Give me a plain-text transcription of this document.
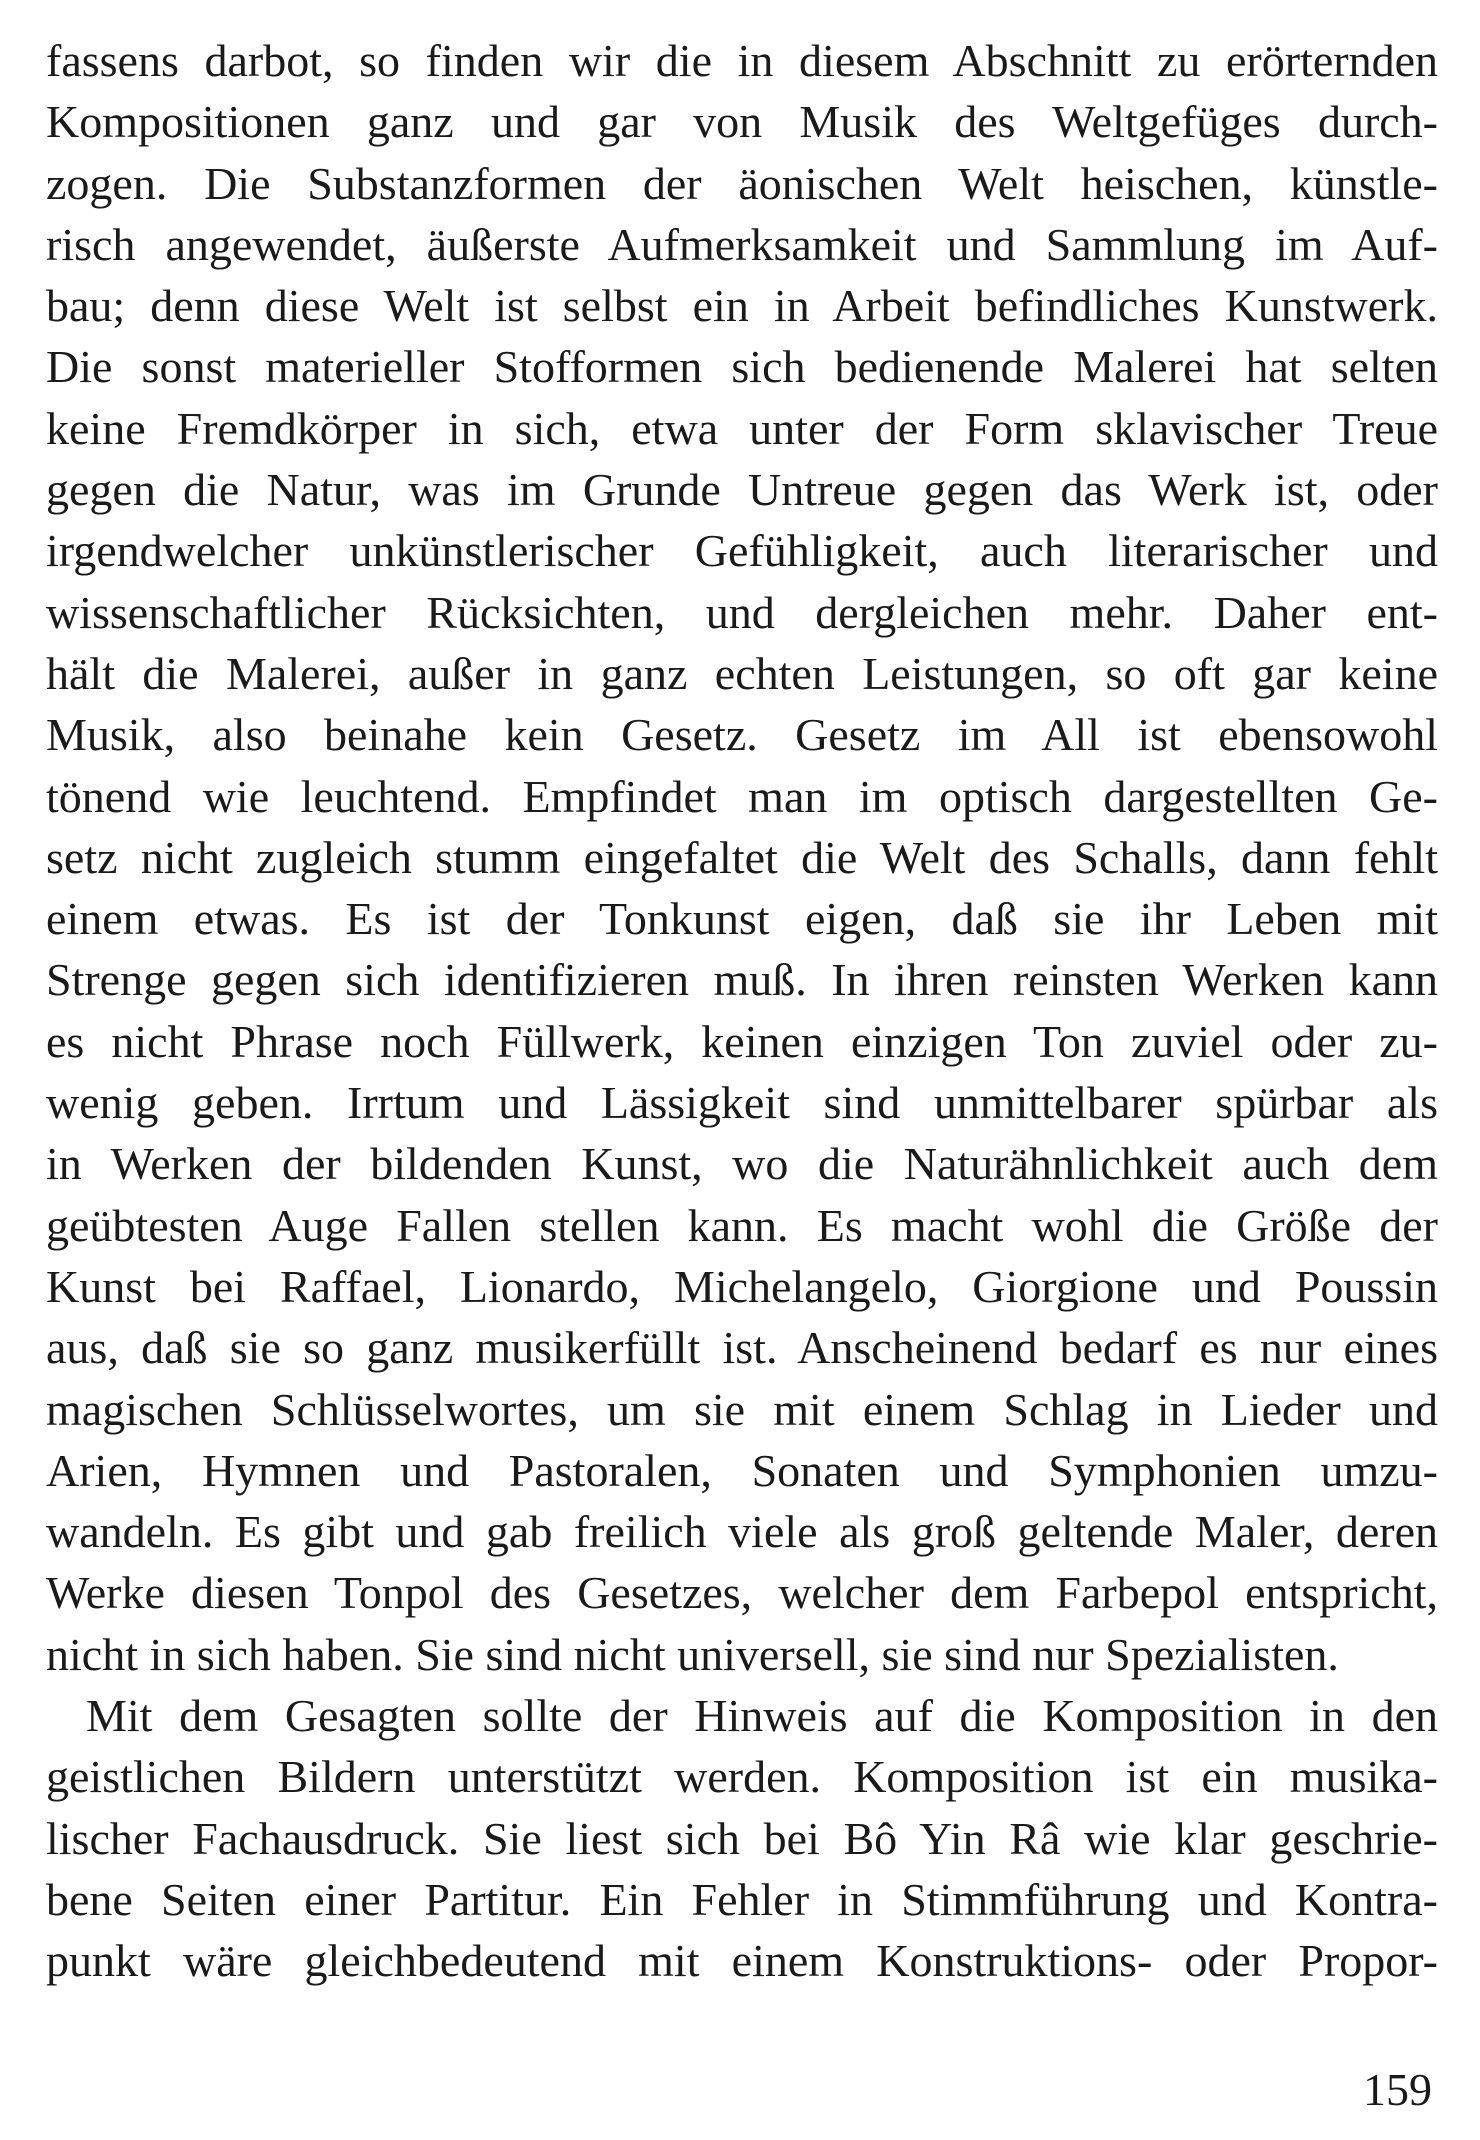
fassens darbot, so finden wir die in diesem Abschnitt zu erörternden
Kompositionen ganz und gar von Musik des Weltgefüges durch-
zogen. Die Substanzformen der äonischen Welt heischen, künstle-
risch angewendet, äußerste Aufmerksamkeit und Sammlung im Auf-
bau; denn diese Welt ist selbst ein in Arbeit befindliches Kunstwerk.
Die sonst materieller Stofformen sich bedienende Malerei hat selten
keine Fremdkörper in sich, etwa unter der Form sklavischer Treue
gegen die Natur, was im Grunde Untreue gegen das Werk ist, oder
irgendwelcher unkünstlerischer Gefühligkeit, auch literarischer und
wissenschaftlicher Rücksichten, und dergleichen mehr. Daher ent-
hält die Malerei, außer in ganz echten Leistungen, so oft gar keine
Musik, also beinahe kein Gesetz. Gesetz im All ist ebensowohl
tönend wie leuchtend. Empfindet man im optisch dargestellten Ge-
setz nicht zugleich stumm eingefaltet die Welt des Schalls, dann fehlt
einem etwas. Es ist der Tonkunst eigen, daß sie ihr Leben mit
Strenge gegen sich identifizieren muß. In ihren reinsten Werken kann
es nicht Phrase noch Füllwerk, keinen einzigen Ton zuviel oder zu-
wenig geben. Irrtum und Lässigkeit sind unmittelbarer spürbar als
in Werken der bildenden Kunst, wo die Naturähnlichkeit auch dem
geübtesten Auge Fallen stellen kann. Es macht wohl die Größe der
Kunst bei Raffael, Lionardo, Michelangelo, Giorgione und Poussin
aus, daß sie so ganz musikerfüllt ist. Anscheinend bedarf es nur eines
magischen Schlüsselwortes, um sie mit einem Schlag in Lieder und
Arien, Hymnen und Pastoralen, Sonaten und Symphonien umzu-
wandeln. Es gibt und gab freilich viele als groß geltende Maler, deren
Werke diesen Tonpol des Gesetzes, welcher dem Farbepol entspricht,
nicht in sich haben. Sie sind nicht universell, sie sind nur Spezialisten.
Mit dem Gesagten sollte der Hinweis auf die Komposition in den
geistlichen Bildern unterstützt werden. Komposition ist ein musika-
lischer Fachausdruck. Sie liest sich bei Bô Yin Râ wie klar geschrie-
bene Seiten einer Partitur. Ein Fehler in Stimmführung und Kontra-
punkt wäre gleichbedeutend mit einem Konstruktions- oder Propor-
159
